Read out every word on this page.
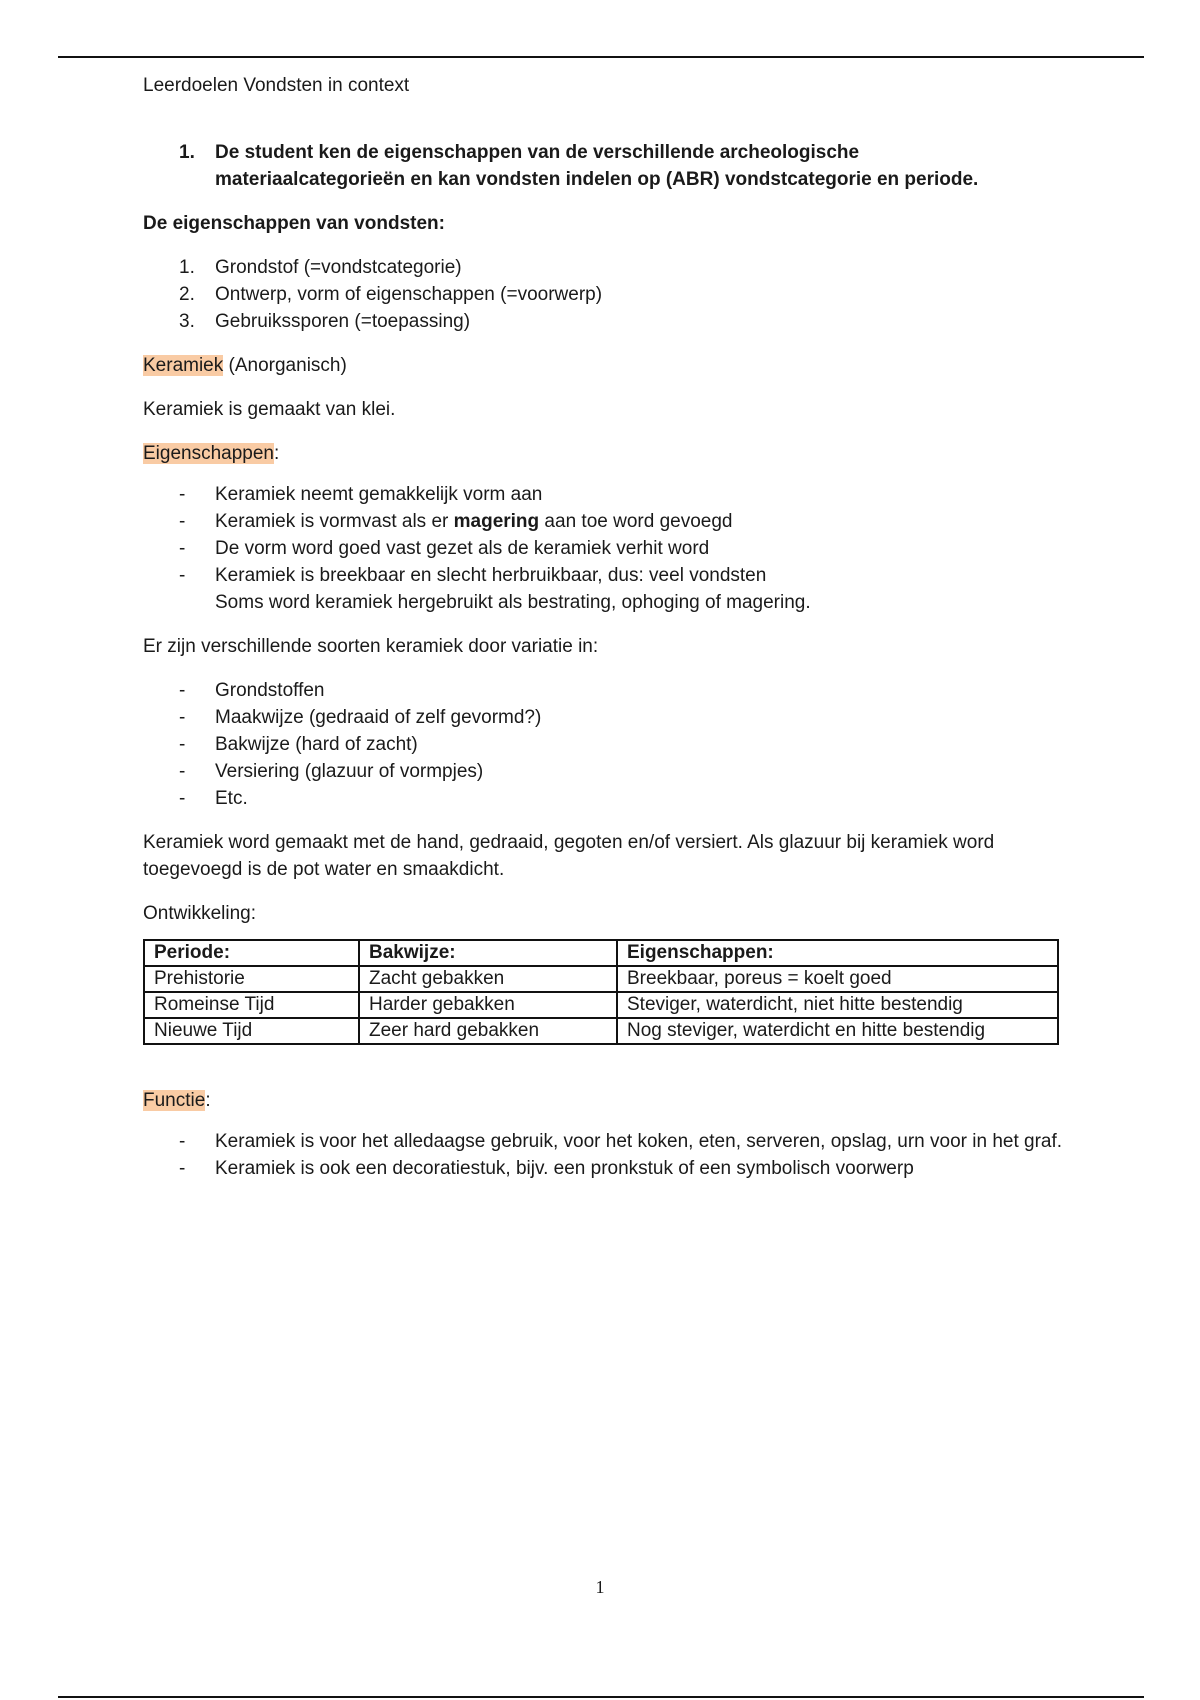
Leerdoelen Vondsten in context

1.	De student ken de eigenschappen van de verschillende archeologische
materiaalcategorieën en kan vondsten indelen op (ABR) vondstcategorie en periode.

De eigenschappen van vondsten:

1.	Grondstof (=vondstcategorie)
2.	Ontwerp, vorm of eigenschappen (=voorwerp)
3.	Gebruikssporen (=toepassing)

Keramiek (Anorganisch)

Keramiek is gemaakt van klei.

Eigenschappen:

-	Keramiek neemt gemakkelijk vorm aan
-	Keramiek is vormvast als er magering aan toe word gevoegd
-	De vorm word goed vast gezet als de keramiek verhit word
-	Keramiek is breekbaar en slecht herbruikbaar, dus: veel vondsten
Soms word keramiek hergebruikt als bestrating, ophoging of magering.

Er zijn verschillende soorten keramiek door variatie in:

-	Grondstoffen
-	Maakwijze (gedraaid of zelf gevormd?)
-	Bakwijze (hard of zacht)
-	Versiering (glazuur of vormpjes)
-	Etc.

Keramiek word gemaakt met de hand, gedraaid, gegoten en/of versiert. Als glazuur bij keramiek word toegevoegd is de pot water en smaakdicht.

Ontwikkeling:

Periode:	Bakwijze:	Eigenschappen:
Prehistorie	Zacht gebakken	Breekbaar, poreus = koelt goed
Romeinse Tijd	Harder gebakken	Steviger, waterdicht, niet hitte bestendig
Nieuwe Tijd	Zeer hard gebakken	Nog steviger, waterdicht en hitte bestendig

Functie:

-	Keramiek is voor het alledaagse gebruik, voor het koken, eten, serveren, opslag, urn voor in het graf.
-	Keramiek is ook een decoratiestuk, bijv. een pronkstuk of een symbolisch voorwerp
1
